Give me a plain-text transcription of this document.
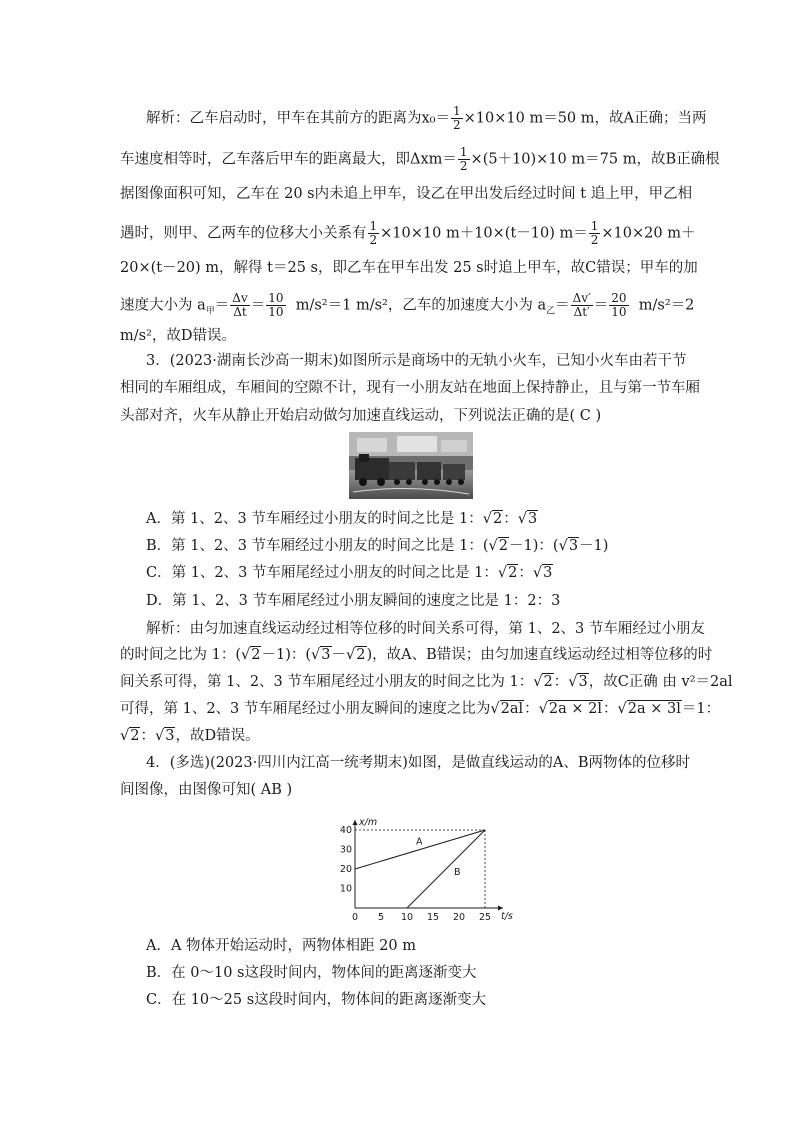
解析：乙车启动时，甲车在其前方的距离为$x_0= \frac{1}{2} \times 10\times 10$ m＝50 m，故A正确；当两
车速度相等时，乙车落后甲车的距离最大，即$\Delta xm= \frac{1}{2} \times(5+10)\times 10$ m＝75 m，故B正确根
据图像面积可知，乙车在 20 s内未追上甲车，设乙在甲出发后经过时间 t 追上甲，甲乙相
遇时，则甲、乙两车的位移大小关系有 $\frac{1}{2} \times 10\times 10$ m＋10×(t－10) $m= \frac{1}{2} \times 10\times 20$ m＋
20×(t－20) m，解得 t＝25 s，即乙车在甲车出发 25 s时追上甲车，故C错误；甲车的加
速度大小为 $a_甲= \frac{\Delta v}{\Delta t} = \frac{10}{10} m/s^2=1$ m/s²，乙车的加速度大小为 $a_乙= \frac{\Delta v'}{\Delta t'} = \frac{20}{10} m/s^2=2$
m/s²，故D错误。
3．(2023·湖南长沙高一期末)如图所示是商场中的无轨小火车，已知小火车由若干节
相同的车厢组成，车厢间的空隙不计，现有一小朋友站在地面上保持静止，且与第一节车厢
头部对齐，火车从静止开始启动做匀加速直线运动，下列说法正确的是( C )
A．第 1、2、3 节车厢经过小朋友的时间之比是 1：√2：√3
B．第 1、2、3 节车厢经过小朋友的时间之比是 1：(√2－1)：(√3－1)
C．第 1、2、3 节车厢尾经过小朋友的时间之比是 1：√2：√3
D．第 1、2、3 节车厢尾经过小朋友瞬间的速度之比是 1：2：3
解析：由匀加速直线运动经过相等位移的时间关系可得，第 1、2、3 节车厢经过小朋友
的时间之比为 1：(√2－1)：(√3－√2)，故A、B错误；由匀加速直线运动经过相等位移的时
间关系可得，第 1、2、3 节车厢尾经过小朋友的时间之比为 1：√2：√3，故C正确 由 v²＝2al
可得，第 1、2、3 节车厢尾经过小朋友瞬间的速度之比为√2al：√2a × 2l：√2a × 3l＝1：
√2：√3，故D错误。
4．(多选)(2023·四川内江高一统考期末)如图，是做直线运动的A、B两物体的位移时
间图像，由图像可知( AB )
t/s
x/m
A
B
0 5 10 15 20 25
10
20
30
40
A．A 物体开始运动时，两物体相距 20 m
B．在 0～10 s这段时间内，物体间的距离逐渐变大
C．在 10～25 s这段时间内，物体间的距离逐渐变大
